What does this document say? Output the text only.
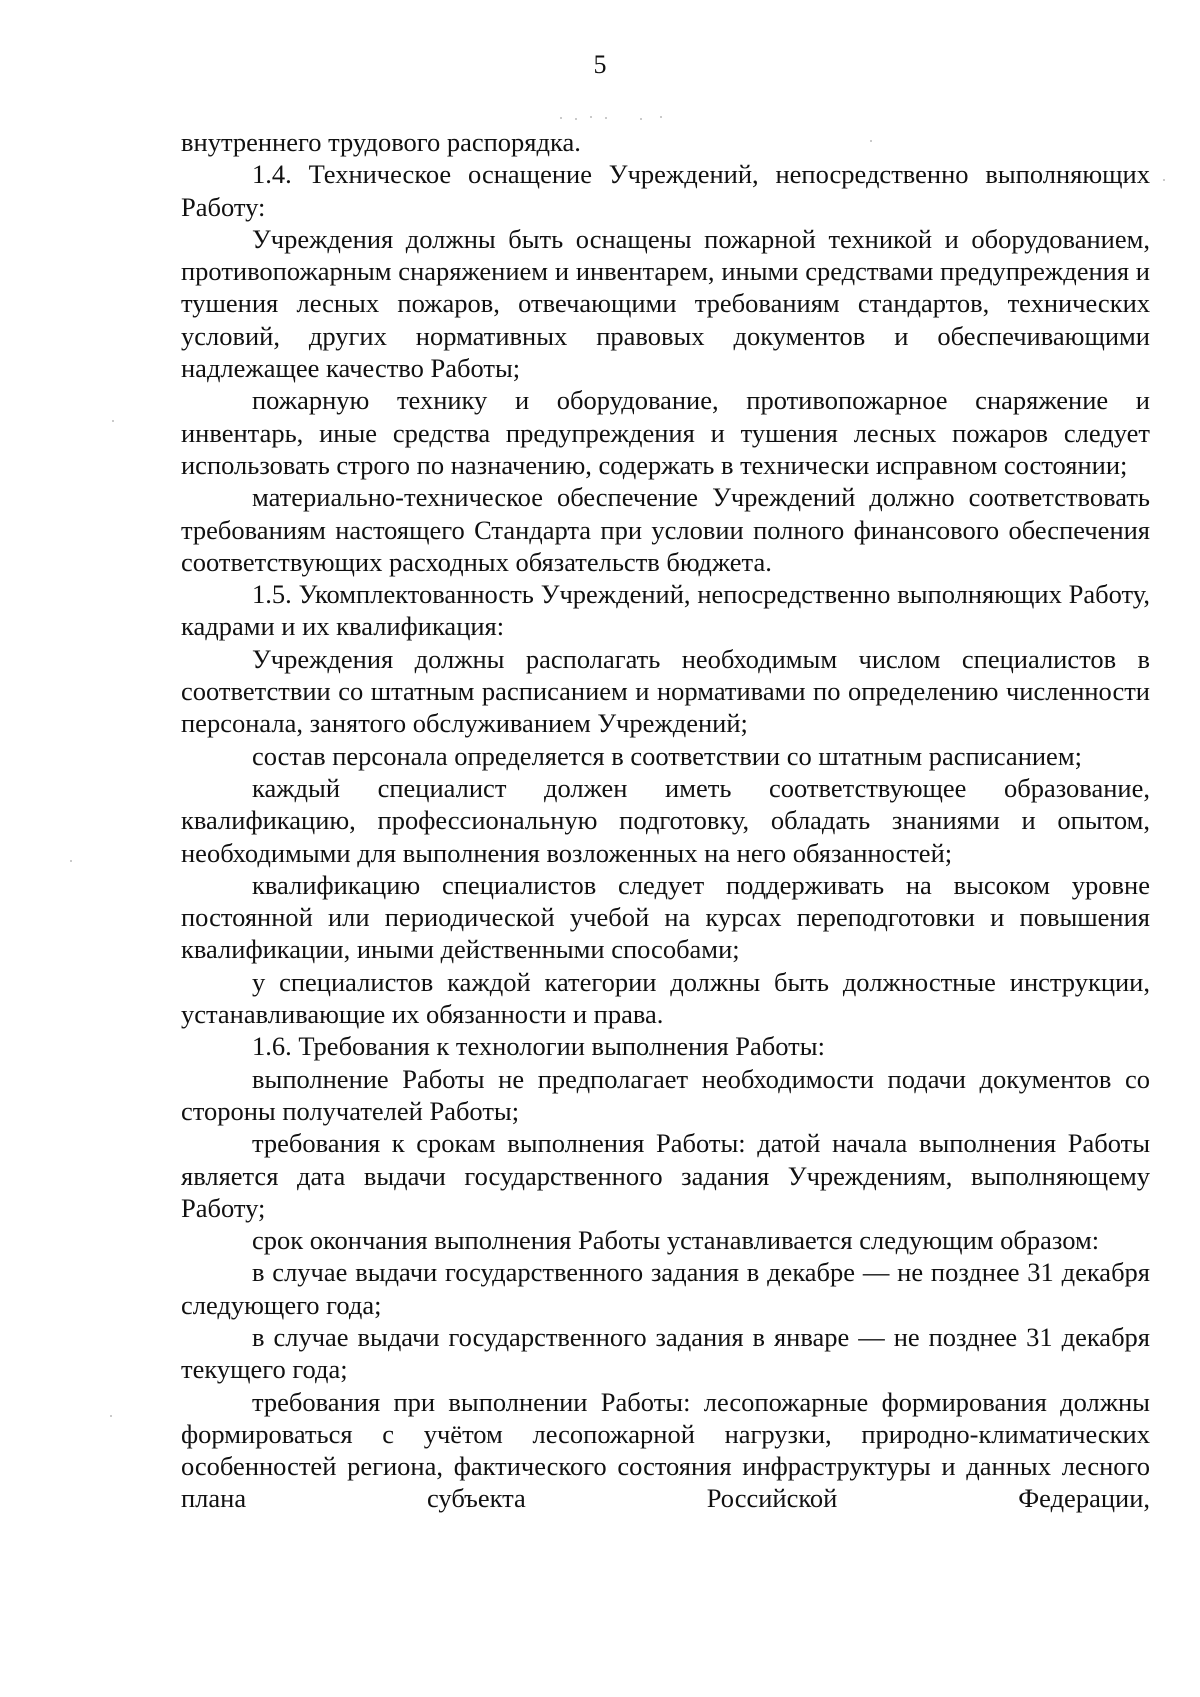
5

внутреннего трудового распорядка.

1.4. Техническое оснащение Учреждений, непосредственно выполняющих Работу:

Учреждения должны быть оснащены пожарной техникой и оборудованием, противопожарным снаряжением и инвентарем, иными средствами предупреждения и тушения лесных пожаров, отвечающими требованиям стандартов, технических условий, других нормативных правовых документов и обеспечивающими надлежащее качество Работы;

пожарную технику и оборудование, противопожарное снаряжение и инвентарь, иные средства предупреждения и тушения лесных пожаров следует использовать строго по назначению, содержать в технически исправном состоянии;

материально-техническое обеспечение Учреждений должно соответствовать требованиям настоящего Стандарта при условии полного финансового обеспечения соответствующих расходных обязательств бюджета.

1.5. Укомплектованность Учреждений, непосредственно выполняющих Работу, кадрами и их квалификация:

Учреждения должны располагать необходимым числом специалистов в соответствии со штатным расписанием и нормативами по определению численности персонала, занятого обслуживанием Учреждений;

состав персонала определяется в соответствии со штатным расписанием;

каждый специалист должен иметь соответствующее образование, квалификацию, профессиональную подготовку, обладать знаниями и опытом, необходимыми для выполнения возложенных на него обязанностей;

квалификацию специалистов следует поддерживать на высоком уровне постоянной или периодической учебой на курсах переподготовки и повышения квалификации, иными действенными способами;

у специалистов каждой категории должны быть должностные инструкции, устанавливающие их обязанности и права.

1.6. Требования к технологии выполнения Работы:

выполнение Работы не предполагает необходимости подачи документов со стороны получателей Работы;

требования к срокам выполнения Работы: датой начала выполнения Работы является дата выдачи государственного задания Учреждениям, выполняющему Работу;

срок окончания выполнения Работы устанавливается следующим образом:

в случае выдачи государственного задания в декабре — не позднее 31 декабря следующего года;

в случае выдачи государственного задания в январе — не позднее 31 декабря текущего года;

требования при выполнении Работы: лесопожарные формирования должны формироваться с учётом лесопожарной нагрузки, природно-климатических особенностей региона, фактического состояния инфраструктуры и данных лесного плана субъекта Российской Федерации,
